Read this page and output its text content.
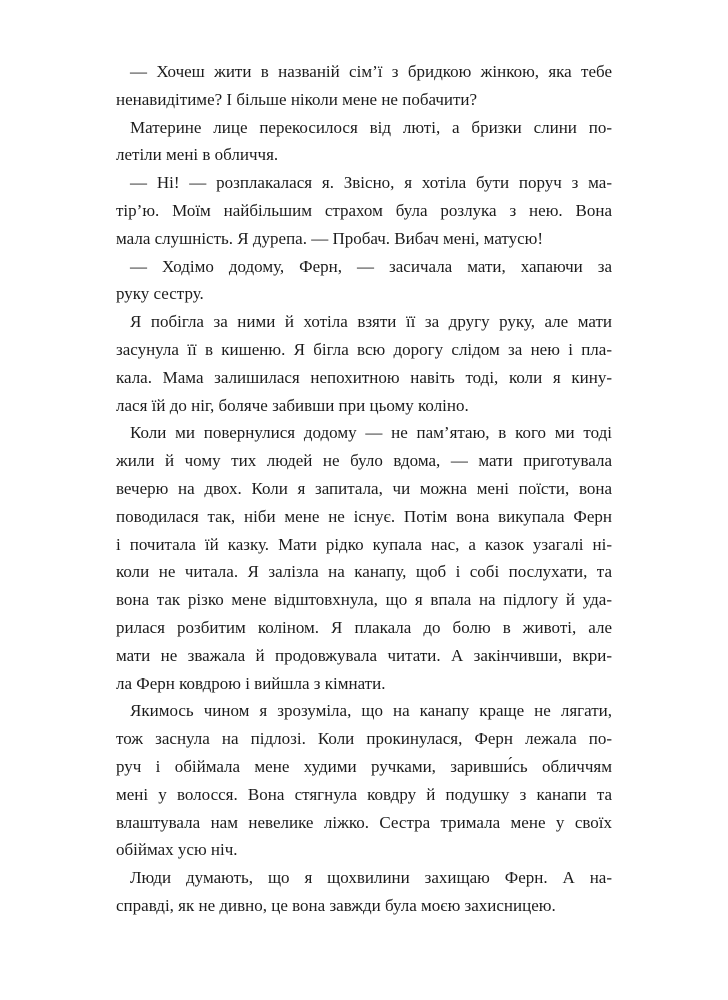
— Хочеш жити в названій сім’ї з бридкою жінкою, яка тебе
ненавидітиме? І більше ніколи мене не побачити?

Материне лице перекосилося від люті, а бризки слини по-
летіли мені в обличчя.

— Ні! — розплакалася я. Звісно, я хотіла бути поруч з ма-
тір’ю. Моїм найбільшим страхом була розлука з нею. Вона
мала слушність. Я дурепа. — Пробач. Вибач мені, матусю!

— Ходімо додому, Ферн, — засичала мати, хапаючи за
руку сестру.

Я побігла за ними й хотіла взяти її за другу руку, але мати
засунула її в кишеню. Я бігла всю дорогу слідом за нею і пла-
кала. Мама залишилася непохитною навіть тоді, коли я кину-
лася їй до ніг, боляче забивши при цьому коліно.

Коли ми повернулися додому — не пам’ятаю, в кого ми тоді
жили й чому тих людей не було вдома, — мати приготувала
вечерю на двох. Коли я запитала, чи можна мені поїсти, вона
поводилася так, ніби мене не існує. Потім вона викупала Ферн
і почитала їй казку. Мати рідко купала нас, а казок узагалі ні-
коли не читала. Я залізла на канапу, щоб і собі послухати, та
вона так різко мене відштовхнула, що я впала на підлогу й уда-
рилася розбитим коліном. Я плакала до болю в животі, але
мати не зважала й продовжувала читати. А закінчивши, вкри-
ла Ферн ковдрою і вийшла з кімнати.

Якимось чином я зрозуміла, що на канапу краще не лягати,
тож заснула на підлозі. Коли прокинулася, Ферн лежала по-
руч і обіймала мене худими ручками, заривши́сь обличчям
мені у волосся. Вона стягнула ковдру й подушку з канапи та
влаштувала нам невелике ліжко. Сестра тримала мене у своїх
обіймах усю ніч.

Люди думають, що я щохвилини захищаю Ферн. А на-
справді, як не дивно, це вона завжди була моєю захисницею.
